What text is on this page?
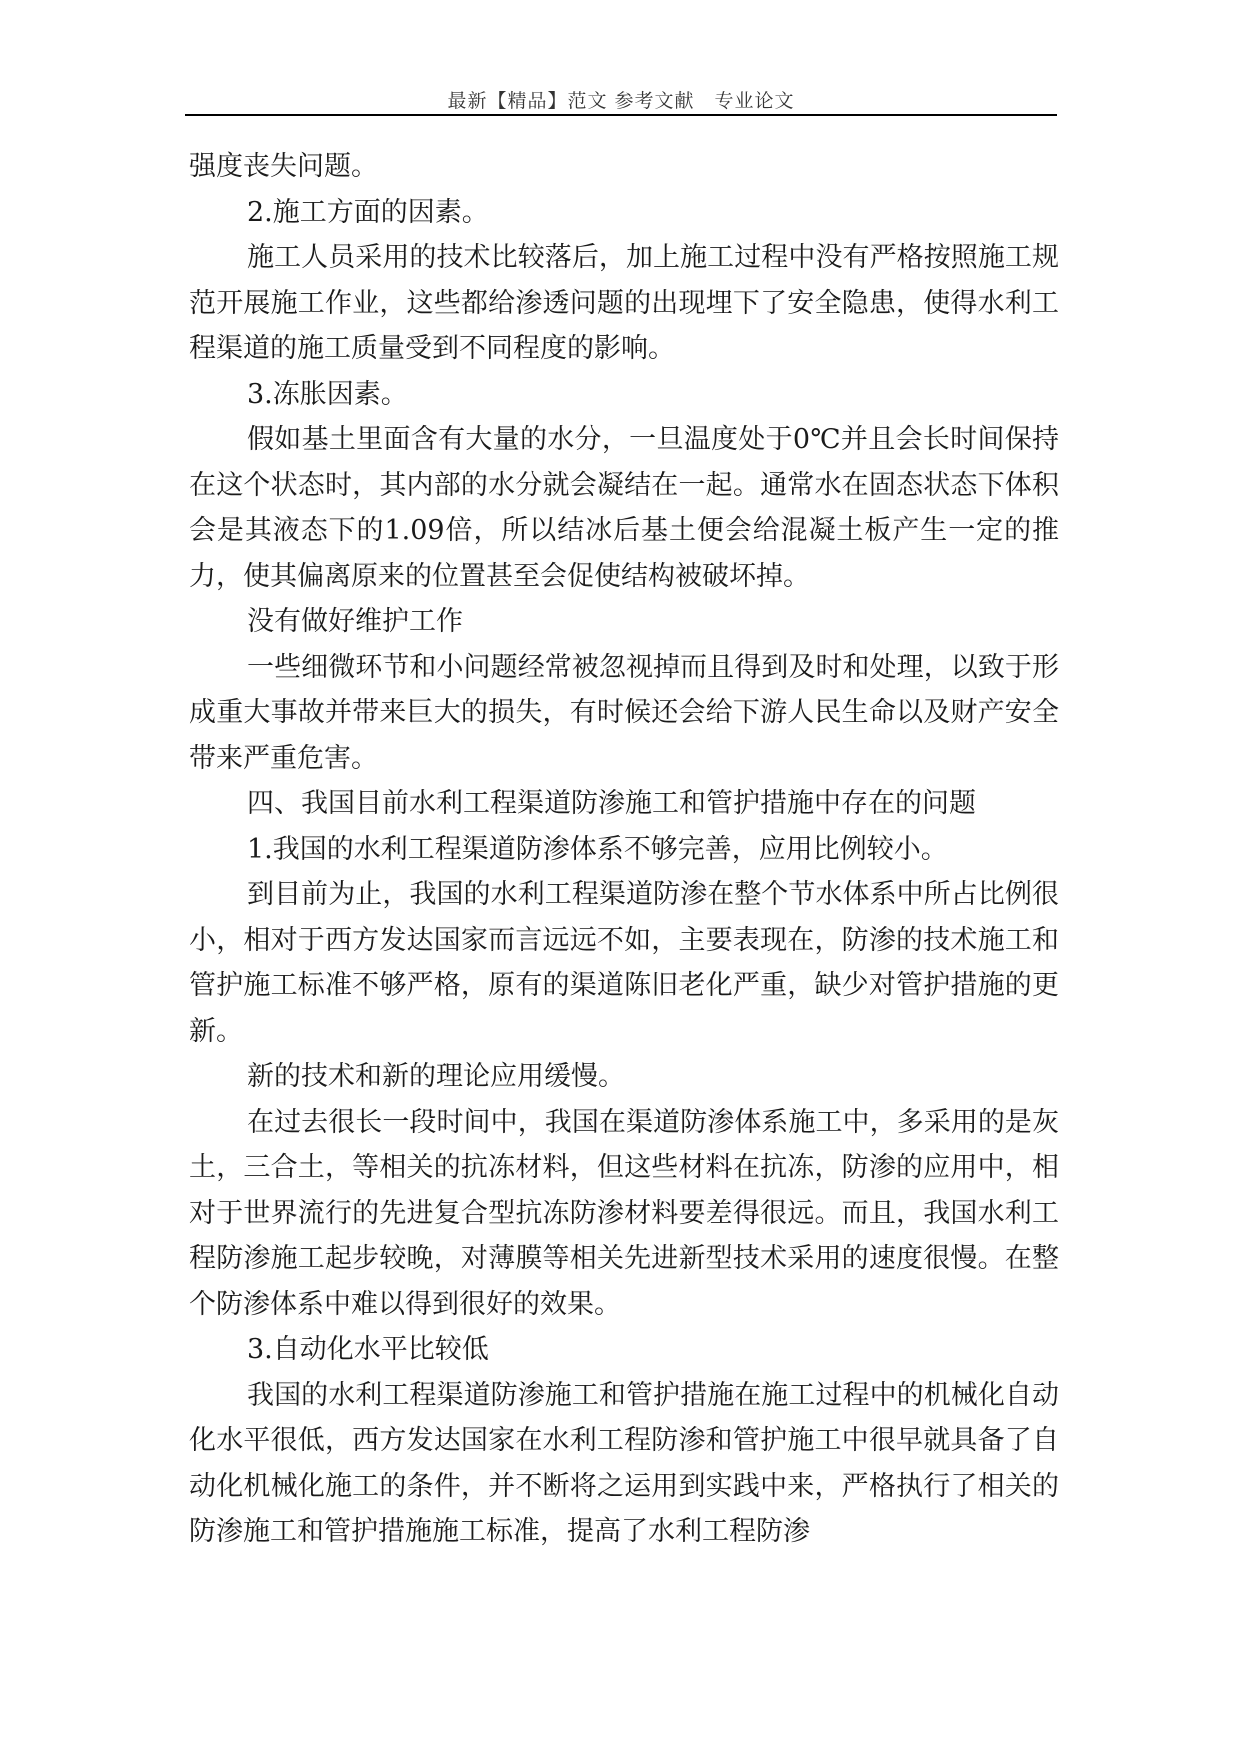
最新【精品】范文 参考文献　专业论文

强度丧失问题。

2.施工方面的因素。

施工人员采用的技术比较落后，加上施工过程中没有严格按照施工规范开展施工作业，这些都给渗透问题的出现埋下了安全隐患，使得水利工程渠道的施工质量受到不同程度的影响。

3.冻胀因素。

假如基土里面含有大量的水分，一旦温度处于0℃并且会长时间保持在这个状态时，其内部的水分就会凝结在一起。通常水在固态状态下体积会是其液态下的1.09倍，所以结冰后基土便会给混凝土板产生一定的推力，使其偏离原来的位置甚至会促使结构被破坏掉。

没有做好维护工作

一些细微环节和小问题经常被忽视掉而且得到及时和处理，以致于形成重大事故并带来巨大的损失，有时候还会给下游人民生命以及财产安全带来严重危害。

四、我国目前水利工程渠道防渗施工和管护措施中存在的问题

1.我国的水利工程渠道防渗体系不够完善，应用比例较小。

到目前为止，我国的水利工程渠道防渗在整个节水体系中所占比例很小，相对于西方发达国家而言远远不如，主要表现在，防渗的技术施工和管护施工标准不够严格，原有的渠道陈旧老化严重，缺少对管护措施的更新。

新的技术和新的理论应用缓慢。

在过去很长一段时间中，我国在渠道防渗体系施工中，多采用的是灰土，三合土，等相关的抗冻材料，但这些材料在抗冻，防渗的应用中，相对于世界流行的先进复合型抗冻防渗材料要差得很远。而且，我国水利工程防渗施工起步较晚，对薄膜等相关先进新型技术采用的速度很慢。在整个防渗体系中难以得到很好的效果。

3.自动化水平比较低

我国的水利工程渠道防渗施工和管护措施在施工过程中的机械化自动化水平很低，西方发达国家在水利工程防渗和管护施工中很早就具备了自动化机械化施工的条件，并不断将之运用到实践中来，严格执行了相关的防渗施工和管护措施施工标准，提高了水利工程防渗
